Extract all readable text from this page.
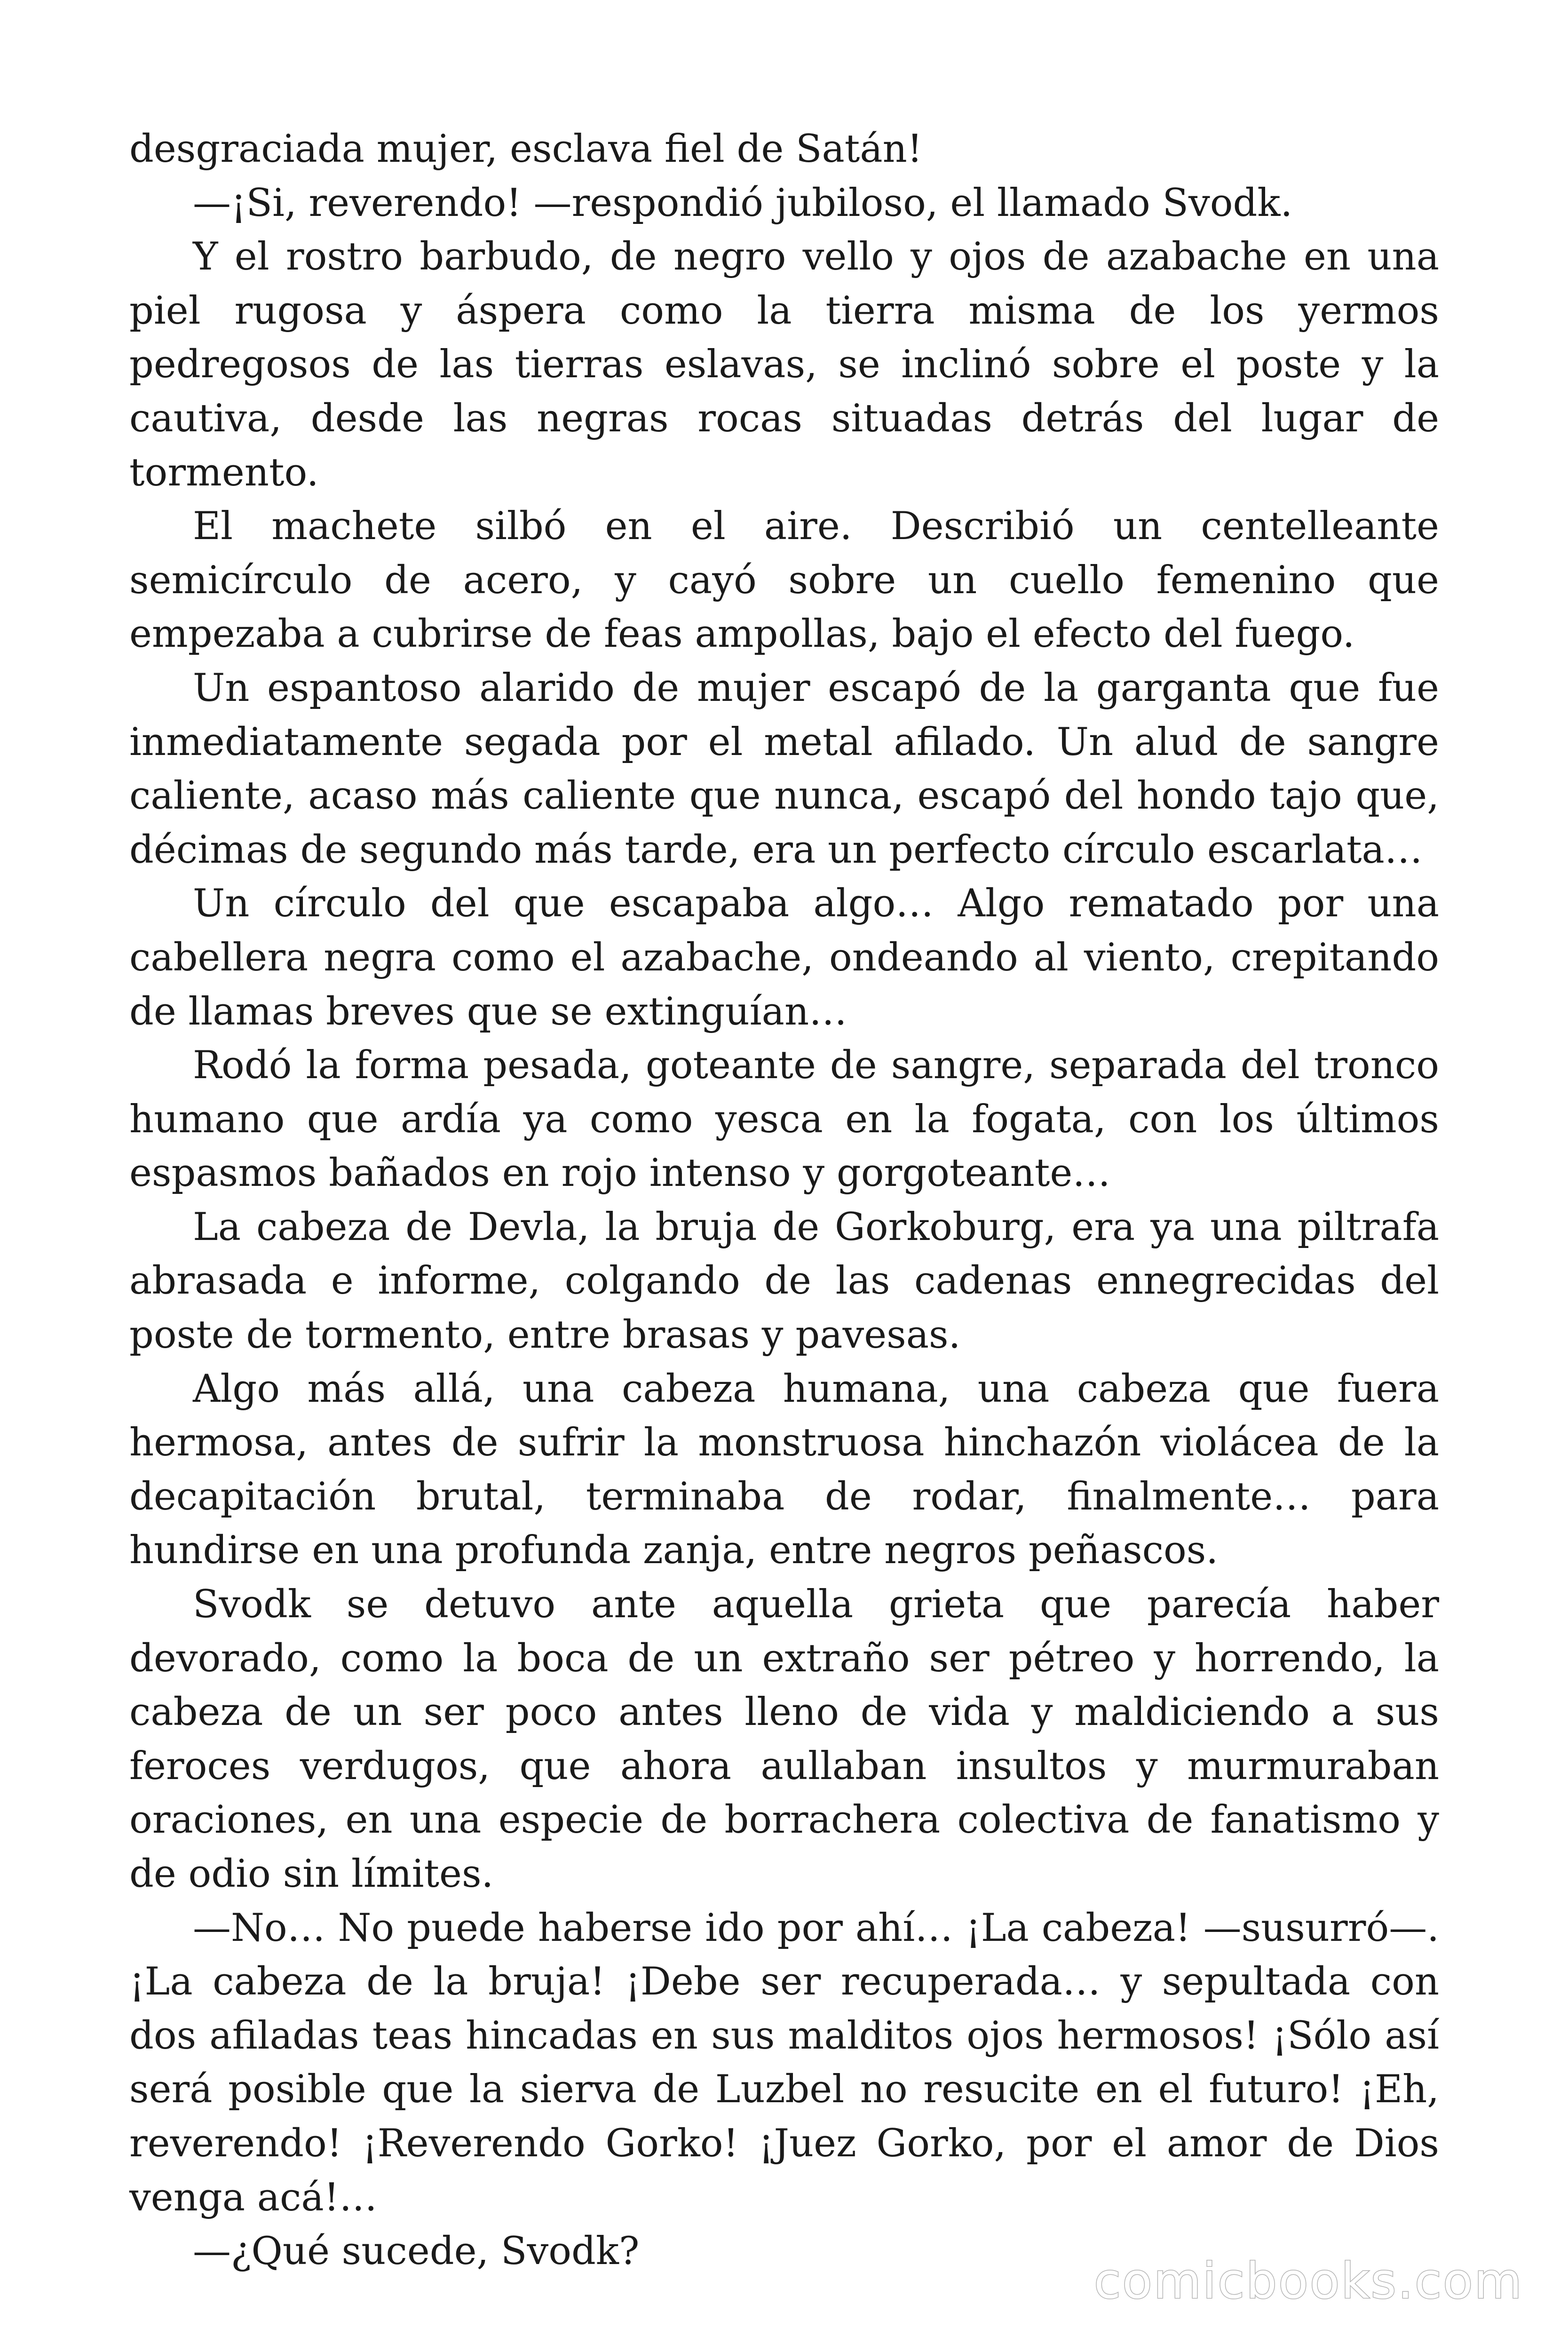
desgraciada mujer, esclava fiel de Satán!

—¡Si, reverendo! —respondió jubiloso, el llamado Svodk.

Y el rostro barbudo, de negro vello y ojos de azabache en una piel rugosa y áspera como la tierra misma de los yermos pedregosos de las tierras eslavas, se inclinó sobre el poste y la cautiva, desde las negras rocas situadas detrás del lugar de tormento.

El machete silbó en el aire. Describió un centelleante semicírculo de acero, y cayó sobre un cuello femenino que empezaba a cubrirse de feas ampollas, bajo el efecto del fuego.

Un espantoso alarido de mujer escapó de la garganta que fue inmediatamente segada por el metal afilado. Un alud de sangre caliente, acaso más caliente que nunca, escapó del hondo tajo que, décimas de segundo más tarde, era un perfecto círculo escarlata…

Un círculo del que escapaba algo… Algo rematado por una cabellera negra como el azabache, ondeando al viento, crepitando de llamas breves que se extinguían…

Rodó la forma pesada, goteante de sangre, separada del tronco humano que ardía ya como yesca en la fogata, con los últimos espasmos bañados en rojo intenso y gorgoteante…

La cabeza de Devla, la bruja de Gorkoburg, era ya una piltrafa abrasada e informe, colgando de las cadenas ennegrecidas del poste de tormento, entre brasas y pavesas.

Algo más allá, una cabeza humana, una cabeza que fuera hermosa, antes de sufrir la monstruosa hinchazón violácea de la decapitación brutal, terminaba de rodar, finalmente… para hundirse en una profunda zanja, entre negros peñascos.

Svodk se detuvo ante aquella grieta que parecía haber devorado, como la boca de un extraño ser pétreo y horrendo, la cabeza de un ser poco antes lleno de vida y maldiciendo a sus feroces verdugos, que ahora aullaban insultos y murmuraban oraciones, en una especie de borrachera colectiva de fanatismo y de odio sin límites.

—No… No puede haberse ido por ahí… ¡La cabeza! —susurró—. ¡La cabeza de la bruja! ¡Debe ser recuperada… y sepultada con dos afiladas teas hincadas en sus malditos ojos hermosos! ¡Sólo así será posible que la sierva de Luzbel no resucite en el futuro! ¡Eh, reverendo! ¡Reverendo Gorko! ¡Juez Gorko, por el amor de Dios venga acá!…

—¿Qué sucede, Svodk?

comicbooks.com
